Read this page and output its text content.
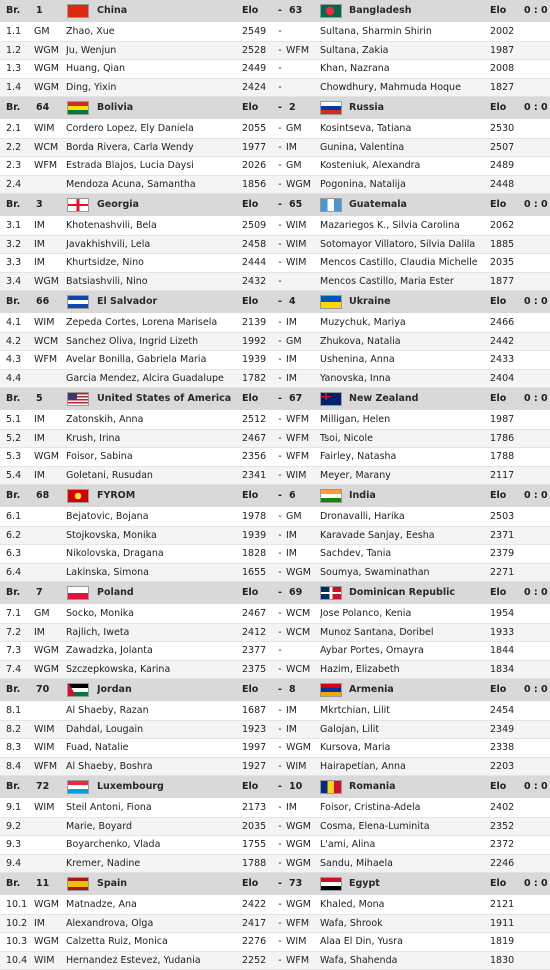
Br.	1	China	Elo	- 63	Bangladesh	Elo	0 : 0
1.1	GM	Zhao, Xue	2549	-	Sultana, Sharmin Shirin	2002
1.2	WGM Ju, Wenjun	2528	- WFM	Sultana, Zakia	1987
1.3	WGM Huang, Qian	2449	-	Khan, Nazrana	2008
1.4	WGM Ding, Yixin	2424	-	Chowdhury, Mahmuda Hoque	1827
Br.	64	Bolivia	Elo	- 2	Russia	Elo	0 : 0
2.1	WIM	Cordero Lopez, Ely Daniela	2055	- GM	Kosintseva, Tatiana	2530
2.2	WCM Borda Rivera, Carla Wendy	1977	- IM	Gunina, Valentina	2507
2.3	WFM Estrada Blajos, Lucia Daysi	2026	- GM	Kosteniuk, Alexandra	2489
2.4	Mendoza Acuna, Samantha	1856	- WGM Pogonina, Natalija	2448
Br.	3	Georgia	Elo	- 65	Guatemala	Elo	0 : 0
3.1	IM	Khotenashvili, Bela	2509	- WIM	Mazariegos K., Silvia Carolina	2062
3.2	IM	Javakhishvili, Lela	2458	- WIM	Sotomayor Villatoro, Silvia Dalila	1885
3.3	IM	Khurtsidze, Nino	2444	- WIM	Mencos Castillo, Claudia Michelle	2035
3.4	WGM Batsiashvili, Nino	2432	-	Mencos Castillo, Maria Ester	1877
Br.	66	El Salvador	Elo	- 4	Ukraine	Elo	0 : 0
4.1	WIM	Zepeda Cortes, Lorena Marisela	2139	- IM	Muzychuk, Mariya	2466
4.2	WCM Sanchez Oliva, Ingrid Lizeth	1992	- GM	Zhukova, Natalia	2442
4.3	WFM Avelar Bonilla, Gabriela Maria	1939	- IM	Ushenina, Anna	2433
4.4	Garcia Mendez, Alcira Guadalupe	1782	- IM	Yanovska, Inna	2404
Br.	5	United States of America	Elo	- 67	New Zealand	Elo	0 : 0
5.1	IM	Zatonskih, Anna	2512	- WFM	Milligan, Helen	1987
5.2	IM	Krush, Irina	2467	- WFM	Tsoi, Nicole	1786
5.3	WGM Foisor, Sabina	2356	- WFM	Fairley, Natasha	1788
5.4	IM	Goletani, Rusudan	2341	- WIM	Meyer, Marany	2117
Br.	68	FYROM	Elo	- 6	India	Elo	0 : 0
6.1	Bejatovic, Bojana	1978	- GM	Dronavalli, Harika	2503
6.2	Stojkovska, Monika	1939	- IM	Karavade Sanjay, Eesha	2371
6.3	Nikolovska, Dragana	1828	- IM	Sachdev, Tania	2379
6.4	Lakinska, Simona	1655	- WGM Soumya, Swaminathan	2271
Br.	7	Poland	Elo	- 69	Dominican Republic	Elo	0 : 0
7.1	GM	Socko, Monika	2467	- WCM	Jose Polanco, Kenia	1954
7.2	IM	Rajlich, Iweta	2412	- WCM	Munoz Santana, Doribel	1933
7.3	WGM Zawadzka, Jolanta	2377	-	Aybar Portes, Omayra	1844
7.4	WGM Szczepkowska, Karina	2375	- WCM	Hazim, Elizabeth	1834
Br.	70	Jordan	Elo	- 8	Armenia	Elo	0 : 0
8.1	Al Shaeby, Razan	1687	- IM	Mkrtchian, Lilit	2454
8.2	WIM	Dahdal, Lougain	1923	- IM	Galojan, Lilit	2349
8.3	WIM	Fuad, Natalie	1997	- WGM Kursova, Maria	2338
8.4	WFM Al Shaeby, Boshra	1927	- WIM	Hairapetian, Anna	2203
Br.	72	Luxembourg	Elo	- 10	Romania	Elo	0 : 0
9.1	WIM	Steil Antoni, Fiona	2173	- IM	Foisor, Cristina-Adela	2402
9.2	Marie, Boyard	2035	- WGM Cosma, Elena-Luminita	2352
9.3	Boyarchenko, Vlada	1755	- WGM L'ami, Alina	2372
9.4	Kremer, Nadine	1788	- WGM Sandu, Mihaela	2246
Br.	11	Spain	Elo	- 73	Egypt	Elo	0 : 0
10.1 WGM Matnadze, Ana	2422	- WGM Khaled, Mona	2121
10.2 IM	Alexandrova, Olga	2417	- WFM	Wafa, Shrook	1911
10.3 WGM Calzetta Ruiz, Monica	2276	- WIM	Alaa El Din, Yusra	1819
10.4 WIM	Hernandez Estevez, Yudania	2252	- WFM	Wafa, Shahenda	1830
